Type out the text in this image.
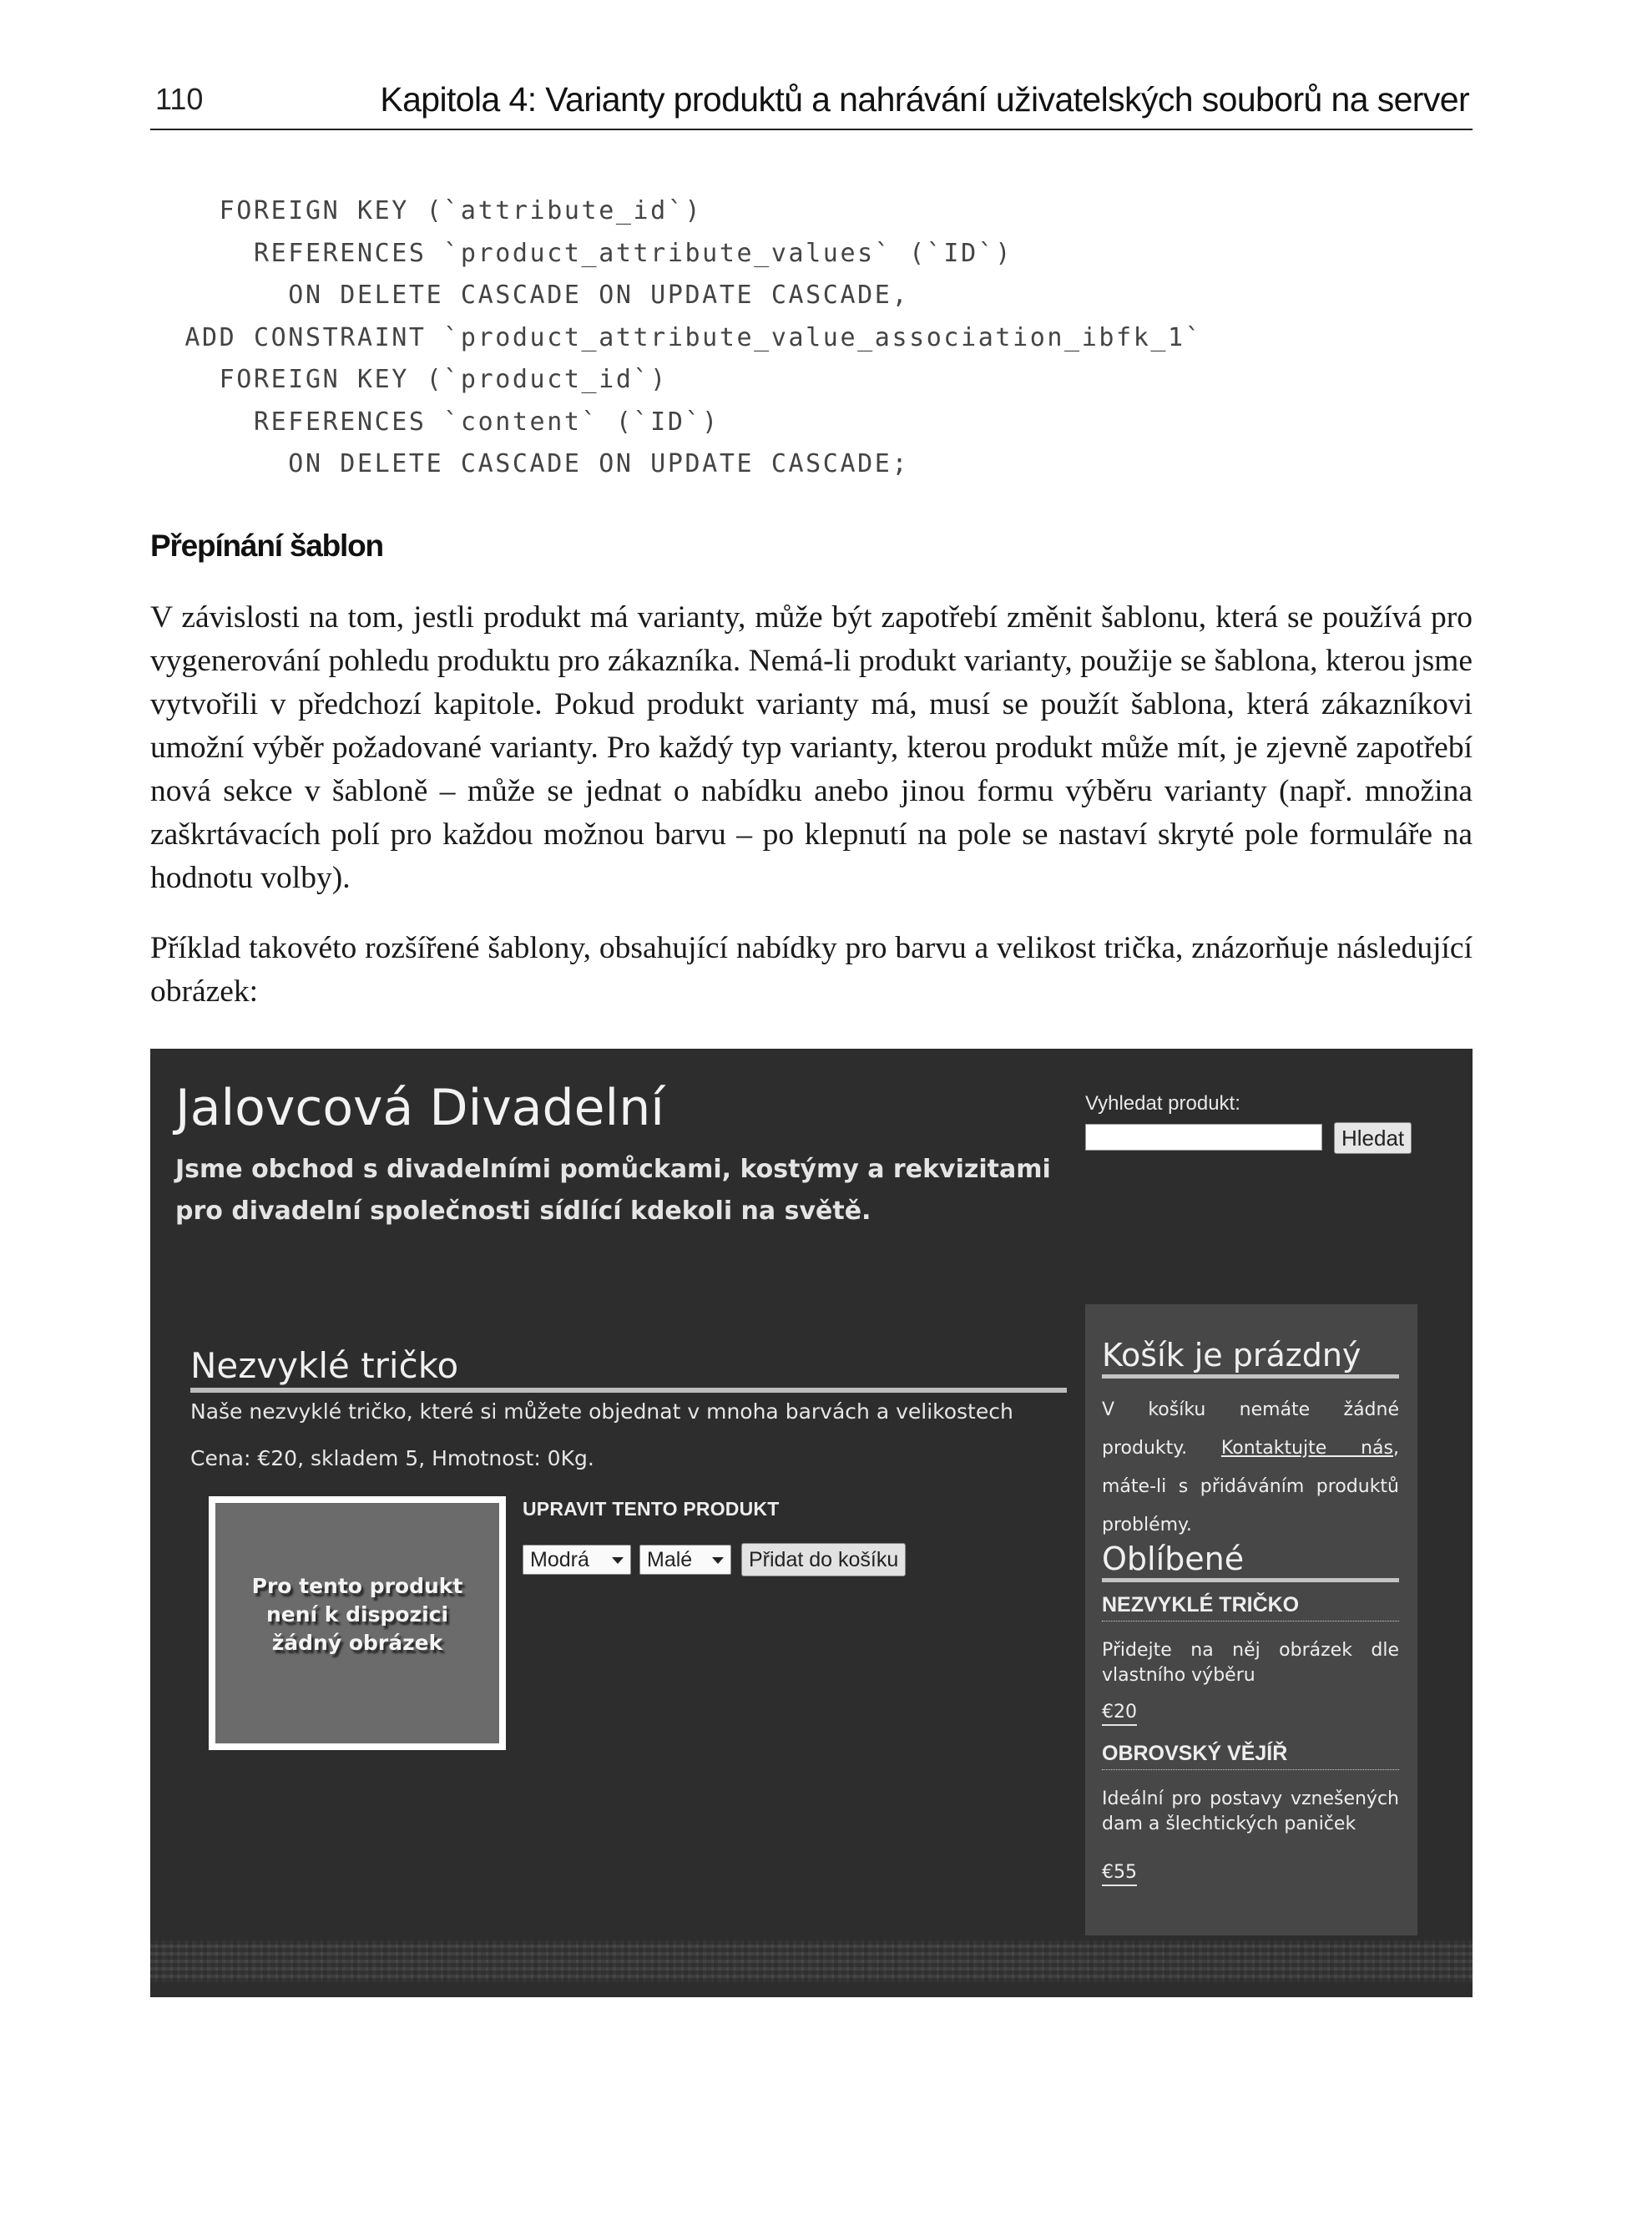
110	Kapitola 4: Varianty produktů a nahrávání uživatelských souborů na server
FOREIGN KEY (`attribute_id`)
REFERENCES `product_attribute_values` (`ID`)
ON DELETE CASCADE ON UPDATE CASCADE,
ADD CONSTRAINT `product_attribute_value_association_ibfk_1`
FOREIGN KEY (`product_id`)
REFERENCES `content` (`ID`)
ON DELETE CASCADE ON UPDATE CASCADE;
Přepínání šablon

V závislosti na tom, jestli produkt má varianty, může být zapotřebí změnit šablonu, která se používá pro vygenerování pohledu produktu pro zákazníka. Nemá-li produkt varianty, použije se šablona, kterou jsme vytvořili v předchozí kapitole. Pokud produkt varianty má, musí se použít šablona, která zákazníkovi umožní výběr požadované varianty. Pro každý typ varianty, kterou produkt může mít, je zjevně zapotřebí nová sekce v šabloně – může se jednat o nabídku anebo jinou formu výběru varianty (např. množina zaškrtávacích polí pro každou možnou barvu – po klepnutí na pole se nastaví skryté pole formuláře na hodnotu volby).

Příklad takovéto rozšířené šablony, obsahující nabídky pro barvu a velikost trička, znázorňuje následující obrázek:

Jalovcová Divadelní
Jsme obchod s divadelními pomůckami, kostýmy a rekvizitami pro divadelní společnosti sídlící kdekoli na světě.
Vyhledat produkt:
Hledat
Nezvyklé tričko
Naše nezvyklé tričko, které si můžete objednat v mnoha barvách a velikostech
Cena: €20, skladem 5, Hmotnost: 0Kg.
Pro tento produkt není k dispozici žádný obrázek
UPRAVIT TENTO PRODUKT
Modrá	Malé	Přidat do košíku
Košík je prázdný

V košíku nemáte žádné produkty. Kontaktujte nás, máte-li s přidáváním produktů problémy.

Oblíbené
NEZVYKLÉ TRIČKO

Přidejte na něj obrázek dle vlastního výběru

€20
OBROVSKÝ VĚJÍŘ

Ideální pro postavy vznešených dam a šlechtických paniček

€55
